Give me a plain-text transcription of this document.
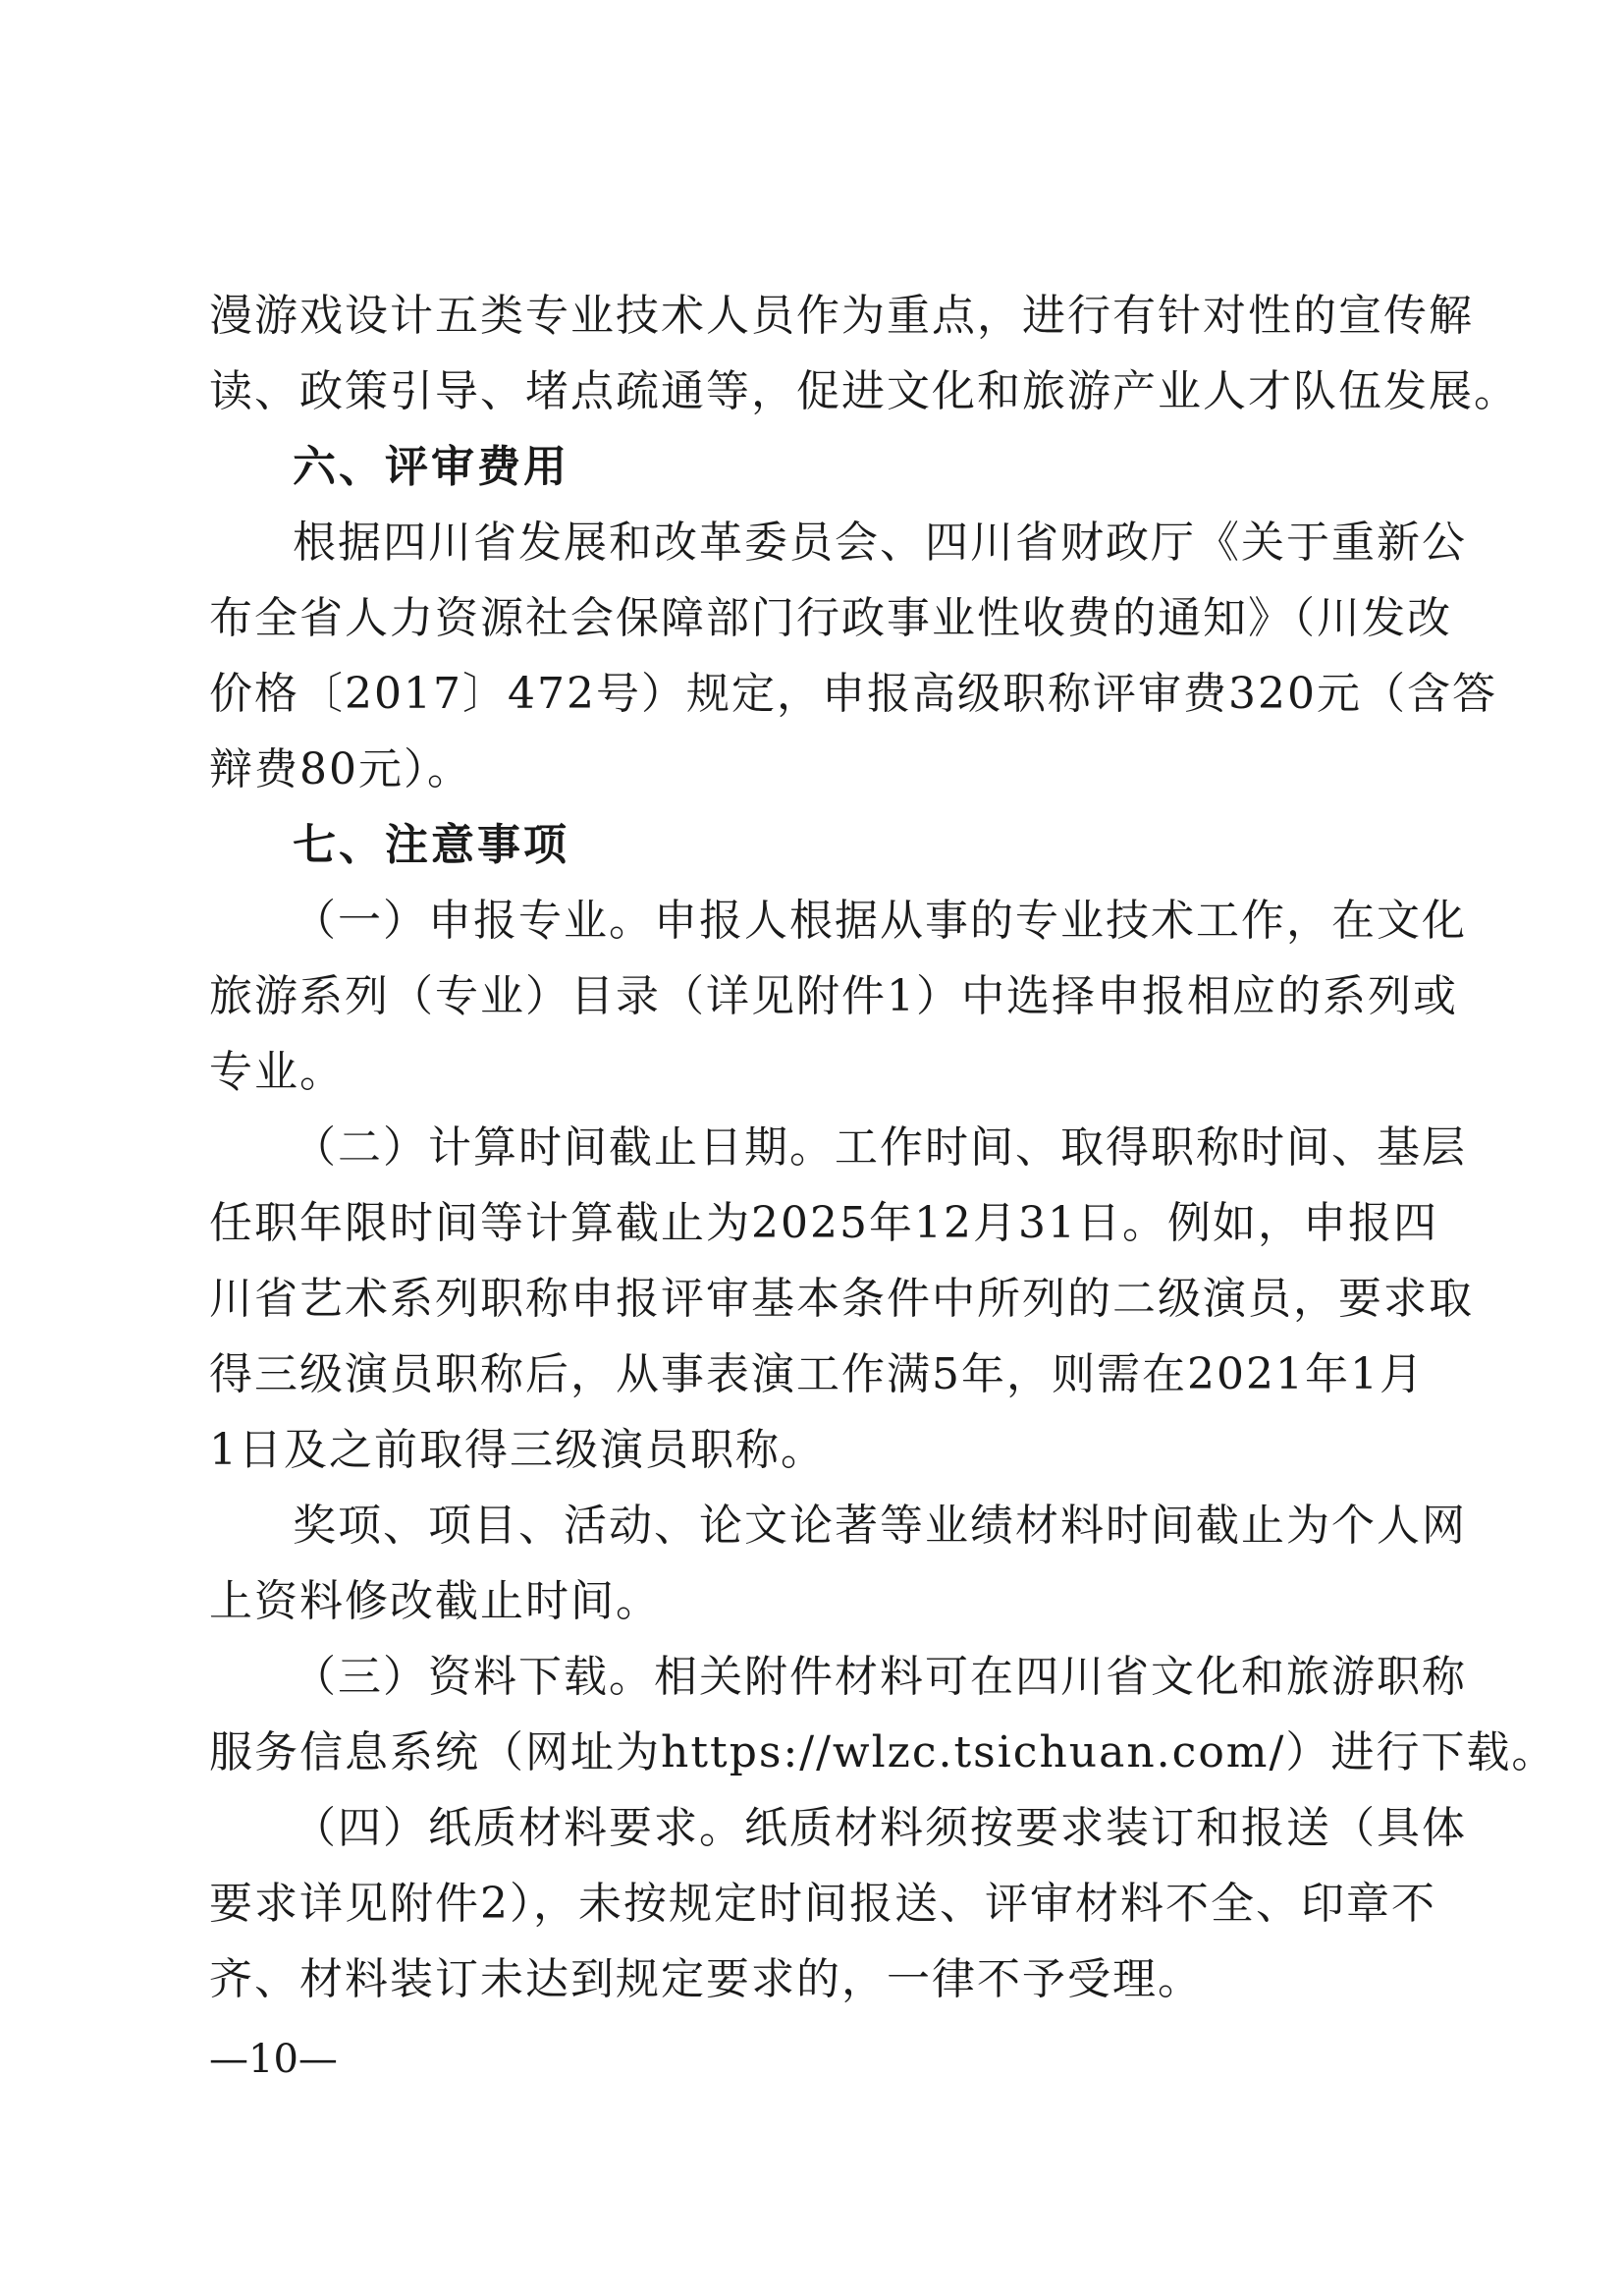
漫游戏设计五类专业技术人员作为重点，进行有针对性的宣传解
读、政策引导、堵点疏通等，促进文化和旅游产业人才队伍发展。
六、评审费用
根据四川省发展和改革委员会、四川省财政厅《关于重新公
布全省人力资源社会保障部门行政事业性收费的通知》（川发改
价格〔2017〕472号）规定，申报高级职称评审费320元（含答
辩费80元）。
七、注意事项
（一）申报专业。申报人根据从事的专业技术工作，在文化
旅游系列（专业）目录（详见附件1）中选择申报相应的系列或
专业。
（二）计算时间截止日期。工作时间、取得职称时间、基层
任职年限时间等计算截止为2025年12月31日。例如，申报四
川省艺术系列职称申报评审基本条件中所列的二级演员，要求取
得三级演员职称后，从事表演工作满5年，则需在2021年1月
1日及之前取得三级演员职称。
奖项、项目、活动、论文论著等业绩材料时间截止为个人网
上资料修改截止时间。
（三）资料下载。相关附件材料可在四川省文化和旅游职称
服务信息系统（网址为https://wlzc.tsichuan.com/）进行下载。
（四）纸质材料要求。纸质材料须按要求装订和报送（具体
要求详见附件2），未按规定时间报送、评审材料不全、印章不
齐、材料装订未达到规定要求的，一律不予受理。
—10—
